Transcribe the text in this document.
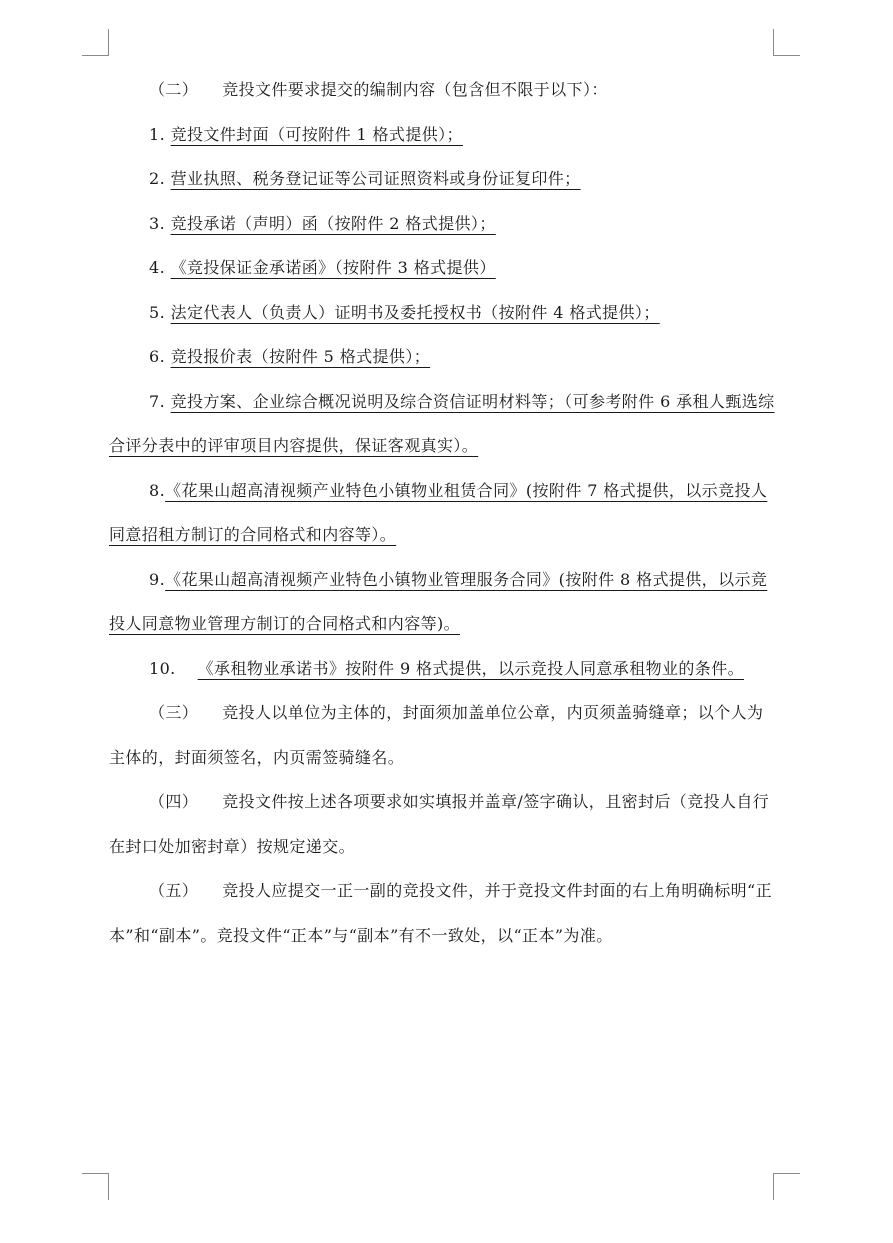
（二） 竞投文件要求提交的编制内容（包含但不限于以下）：

1. 竞投文件封面（可按附件 1 格式提供）；

2. 营业执照、税务登记证等公司证照资料或身份证复印件；

3. 竞投承诺（声明）函（按附件 2 格式提供）；

4. 《竞投保证金承诺函》（按附件 3 格式提供）

5. 法定代表人（负责人）证明书及委托授权书（按附件 4 格式提供）；

6. 竞投报价表（按附件 5 格式提供）；

7. 竞投方案、企业综合概况说明及综合资信证明材料等；（可参考附件 6 承租人甄选综合评分表中的评审项目内容提供，保证客观真实）。

8.《花果山超高清视频产业特色小镇物业租赁合同》(按附件 7 格式提供，以示竞投人同意招租方制订的合同格式和内容等）。

9.《花果山超高清视频产业特色小镇物业管理服务合同》(按附件 8 格式提供，以示竞投人同意物业管理方制订的合同格式和内容等)。

10. 《承租物业承诺书》按附件 9 格式提供，以示竞投人同意承租物业的条件。

（三） 竞投人以单位为主体的，封面须加盖单位公章，内页须盖骑缝章；以个人为主体的，封面须签名，内页需签骑缝名。

（四） 竞投文件按上述各项要求如实填报并盖章/签字确认，且密封后（竞投人自行在封口处加密封章）按规定递交。

（五） 竞投人应提交一正一副的竞投文件，并于竞投文件封面的右上角明确标明“正本”和“副本”。竞投文件“正本”与“副本”有不一致处，以“正本”为准。
